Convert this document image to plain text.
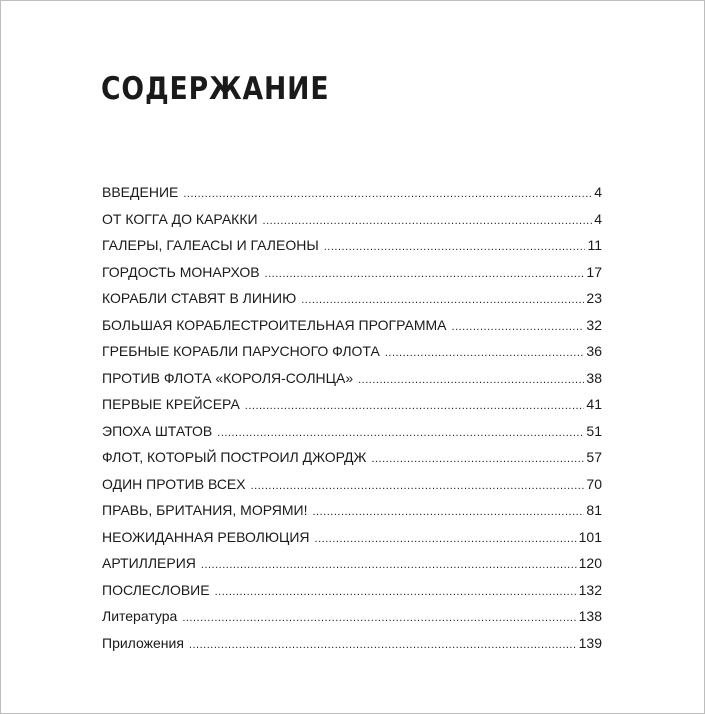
СОДЕРЖАНИЕ
ВВЕДЕНИЕ .....	4
ОТ КОГГА ДО КАРАККИ .....	4
ГАЛЕРЫ, ГАЛЕАСЫ И ГАЛЕОНЫ .....	11
ГОРДОСТЬ МОНАРХОВ .....	17
КОРАБЛИ СТАВЯТ В ЛИНИЮ .....	23
БОЛЬШАЯ КОРАБЛЕСТРОИТЕЛЬНАЯ ПРОГРАММА .....	32
ГРЕБНЫЕ КОРАБЛИ ПАРУСНОГО ФЛОТА .....	36
ПРОТИВ ФЛОТА «КОРОЛЯ-СОЛНЦА» .....	38
ПЕРВЫЕ КРЕЙСЕРА .....	41
ЭПОХА ШТАТОВ .....	51
ФЛОТ, КОТОРЫЙ ПОСТРОИЛ ДЖОРДЖ .....	57
ОДИН ПРОТИВ ВСЕХ .....	70
ПРАВЬ, БРИТАНИЯ, МОРЯМИ! .....	81
НЕОЖИДАННАЯ РЕВОЛЮЦИЯ .....	101
АРТИЛЛЕРИЯ .....	120
ПОСЛЕСЛОВИЕ .....	132
Литература .....	138
Приложения .....	139
